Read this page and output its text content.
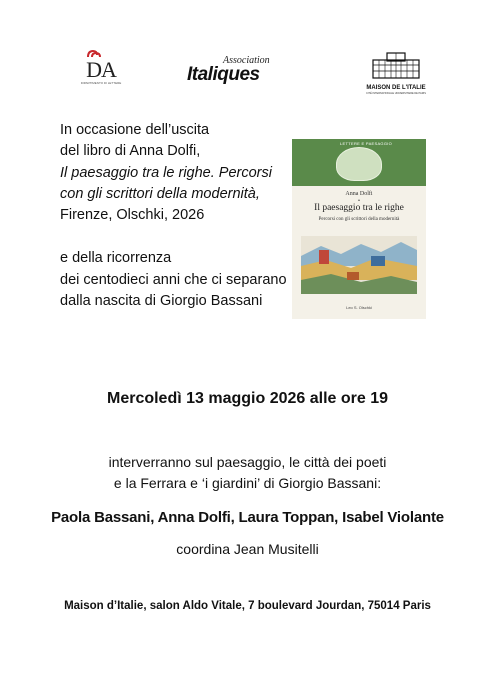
DA
DIPARTIMENTO DI LETTERE
Association
Italiques
MAISON DE L'ITALIE
CITÉ INTERNATIONALE UNIVERSITAIRE DE PARIS
In occasione dell’uscita
del libro di Anna Dolfi,
Il paesaggio tra le righe. Percorsi
con gli scrittori della modernità,
Firenze, Olschki, 2026
e della ricorrenza
dei centodieci anni che ci separano
dalla nascita di Giorgio Bassani
LETTERE E PAESAGGIO
Anna Dolfi
•
Il paesaggio tra le righe
Percorsi con gli scrittori della modernità
Leo S. Olschki
Mercoledì 13 maggio 2026 alle ore 19
interverranno sul paesaggio, le città dei poeti
e la Ferrara e ‘i giardini’ di Giorgio Bassani:
Paola Bassani, Anna Dolfi, Laura Toppan, Isabel Violante
coordina Jean Musitelli
Maison d’Italie, salon Aldo Vitale, 7 boulevard Jourdan, 75014 Paris
